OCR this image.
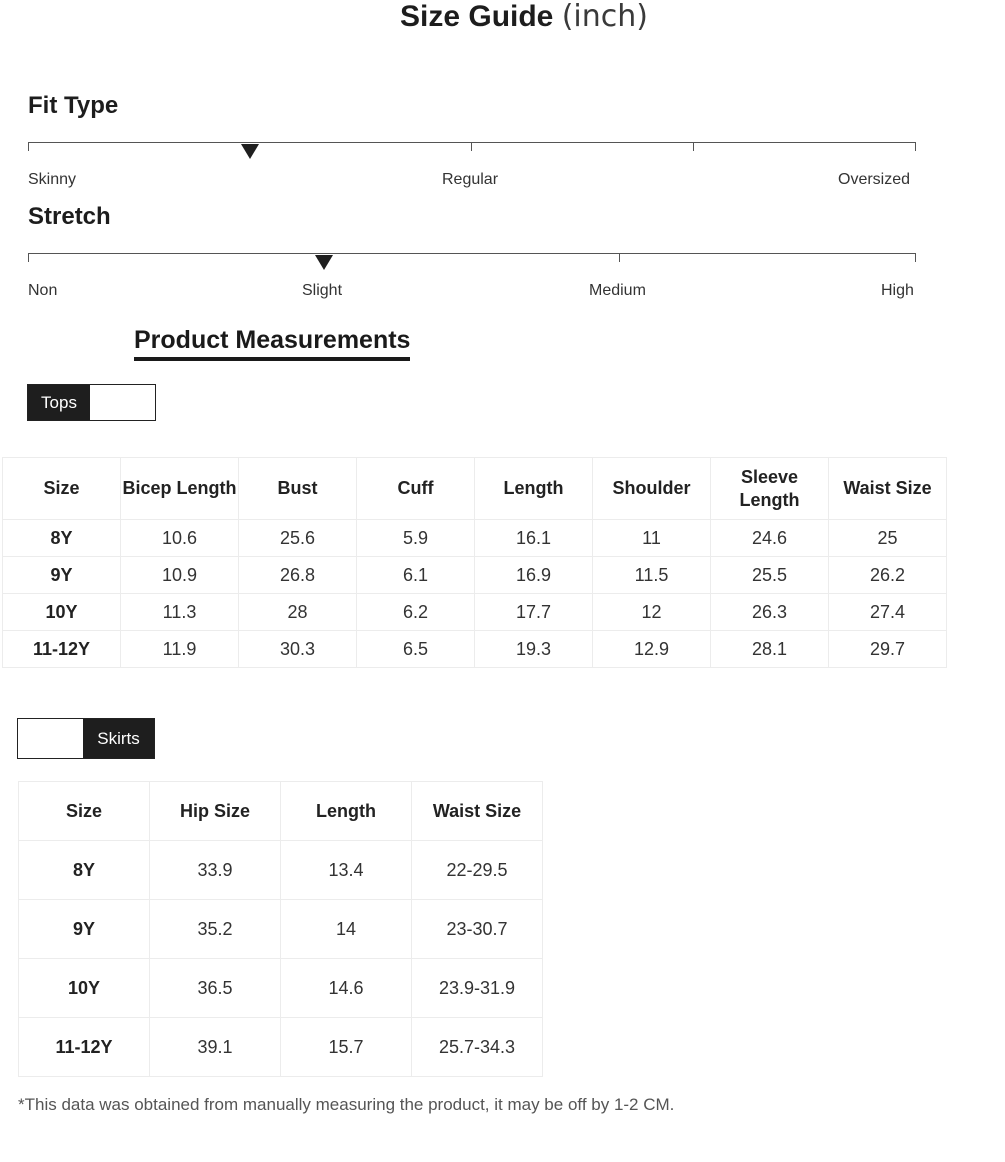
Size Guide (inch)
Fit Type
Skinny	Regular	Oversized
Stretch
Non	Slight	Medium	High
Product Measurements
Tops
Size	Bicep Length	Bust	Cuff	Length	Shoulder	Sleeve Length	Waist Size
8Y	10.6	25.6	5.9	16.1	11	24.6	25
9Y	10.9	26.8	6.1	16.9	11.5	25.5	26.2
10Y	11.3	28	6.2	17.7	12	26.3	27.4
11-12Y	11.9	30.3	6.5	19.3	12.9	28.1	29.7
Skirts
Size	Hip Size	Length	Waist Size
8Y	33.9	13.4	22-29.5
9Y	35.2	14	23-30.7
10Y	36.5	14.6	23.9-31.9
11-12Y	39.1	15.7	25.7-34.3
*This data was obtained from manually measuring the product, it may be off by 1-2 CM.
